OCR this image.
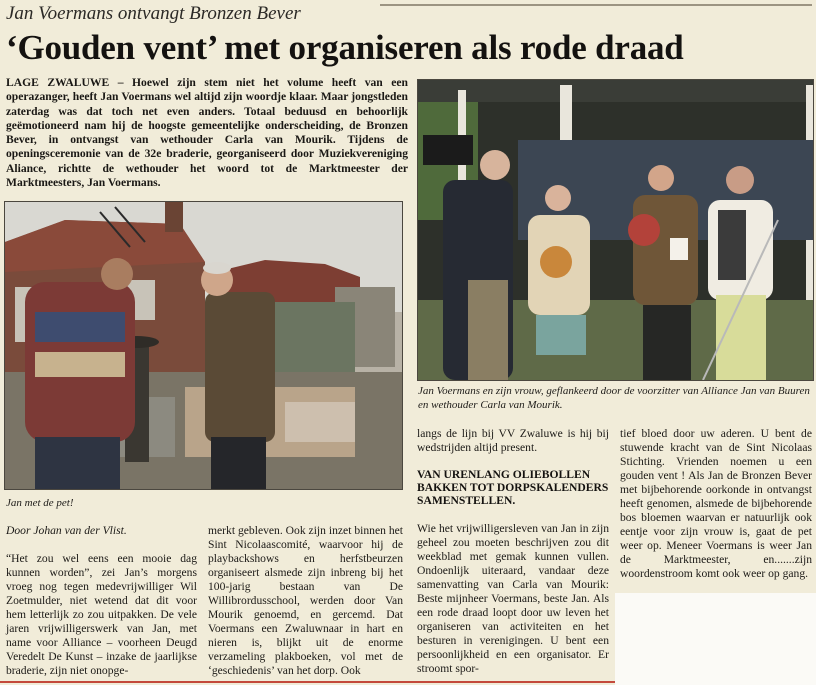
Jan Voermans ontvangt Bronzen Bever
‘Gouden vent’ met organiseren als rode draad
LAGE ZWALUWE – Hoewel zijn stem niet het volume heeft van een operazanger, heeft Jan Voermans wel altijd zijn woordje klaar. Maar jongstleden zaterdag was dat toch net even anders. Totaal beduusd en behoorlijk geëmotioneerd nam hij de hoogste gemeentelijke onderscheiding, de Bronzen Bever, in ontvangst van wethouder Carla van Mourik. Tijdens de openingsceremonie van de 32e braderie, georganiseerd door Muziekvereniging Aliance, richtte de wethouder het woord tot de Marktmeester der Marktmeesters, Jan Voermans.
Jan met de pet!
Jan Voermans en zijn vrouw, geflankeerd door de voorzitter van Alliance Jan van Buuren en wethouder Carla van Mourik.
Door Johan van der Vlist.
“Het zou wel eens een mooie dag kunnen worden”, zei Jan’s morgens vroeg nog tegen medevrijwilliger Wil Zoetmulder, niet wetend dat dit voor hem letterlijk zo zou uitpakken. De vele jaren vrijwilligerswerk van Jan, met name voor Alliance – voorheen Deugd Veredelt De Kunst – inzake de jaarlijkse braderie, zijn niet onopge-
merkt gebleven. Ook zijn inzet binnen het Sint Nicolaascomité, waarvoor hij de playbackshows en herfstbeurzen organiseert alsmede zijn inbreng bij het 100-jarig bestaan van De Willibrordusschool, werden door Van Mourik genoemd, en gercemd. Dat Voermans een Zwaluwnaar in hart en nieren is, blijkt uit de enorme verzameling plakboeken, vol met de ‘geschiedenis’ van het dorp. Ook
langs de lijn bij VV Zwaluwe is hij bij wedstrijden altijd present.
VAN URENLANG OLIEBOLLEN BAKKEN TOT DORPSKALENDERS SAMENSTELLEN.
Wie het vrijwilligersleven van Jan in zijn geheel zou moeten beschrijven zou dit weekblad met gemak kunnen vullen. Ondoenlijk uiteraard, vandaar deze samenvatting van Carla van Mourik: Beste mijnheer Voermans, beste Jan. Als een rode draad loopt door uw leven het organiseren van activiteiten en het besturen in verenigingen. U bent een persoonlijkheid en een organisator. Er stroomt spor-
tief bloed door uw aderen. U bent de stuwende kracht van de Sint Nicolaas Stichting. Vrienden noemen u een gouden vent ! Als Jan de Bronzen Bever met bijbehorende oorkonde in ontvangst heeft genomen, alsmede de bijbehorende bos bloemen waarvan er natuurlijk ook eentje voor zijn vrouw is, gaat de pet weer op. Meneer Voermans is weer Jan de Marktmeester, en.......zijn woordenstroom komt ook weer op gang.
